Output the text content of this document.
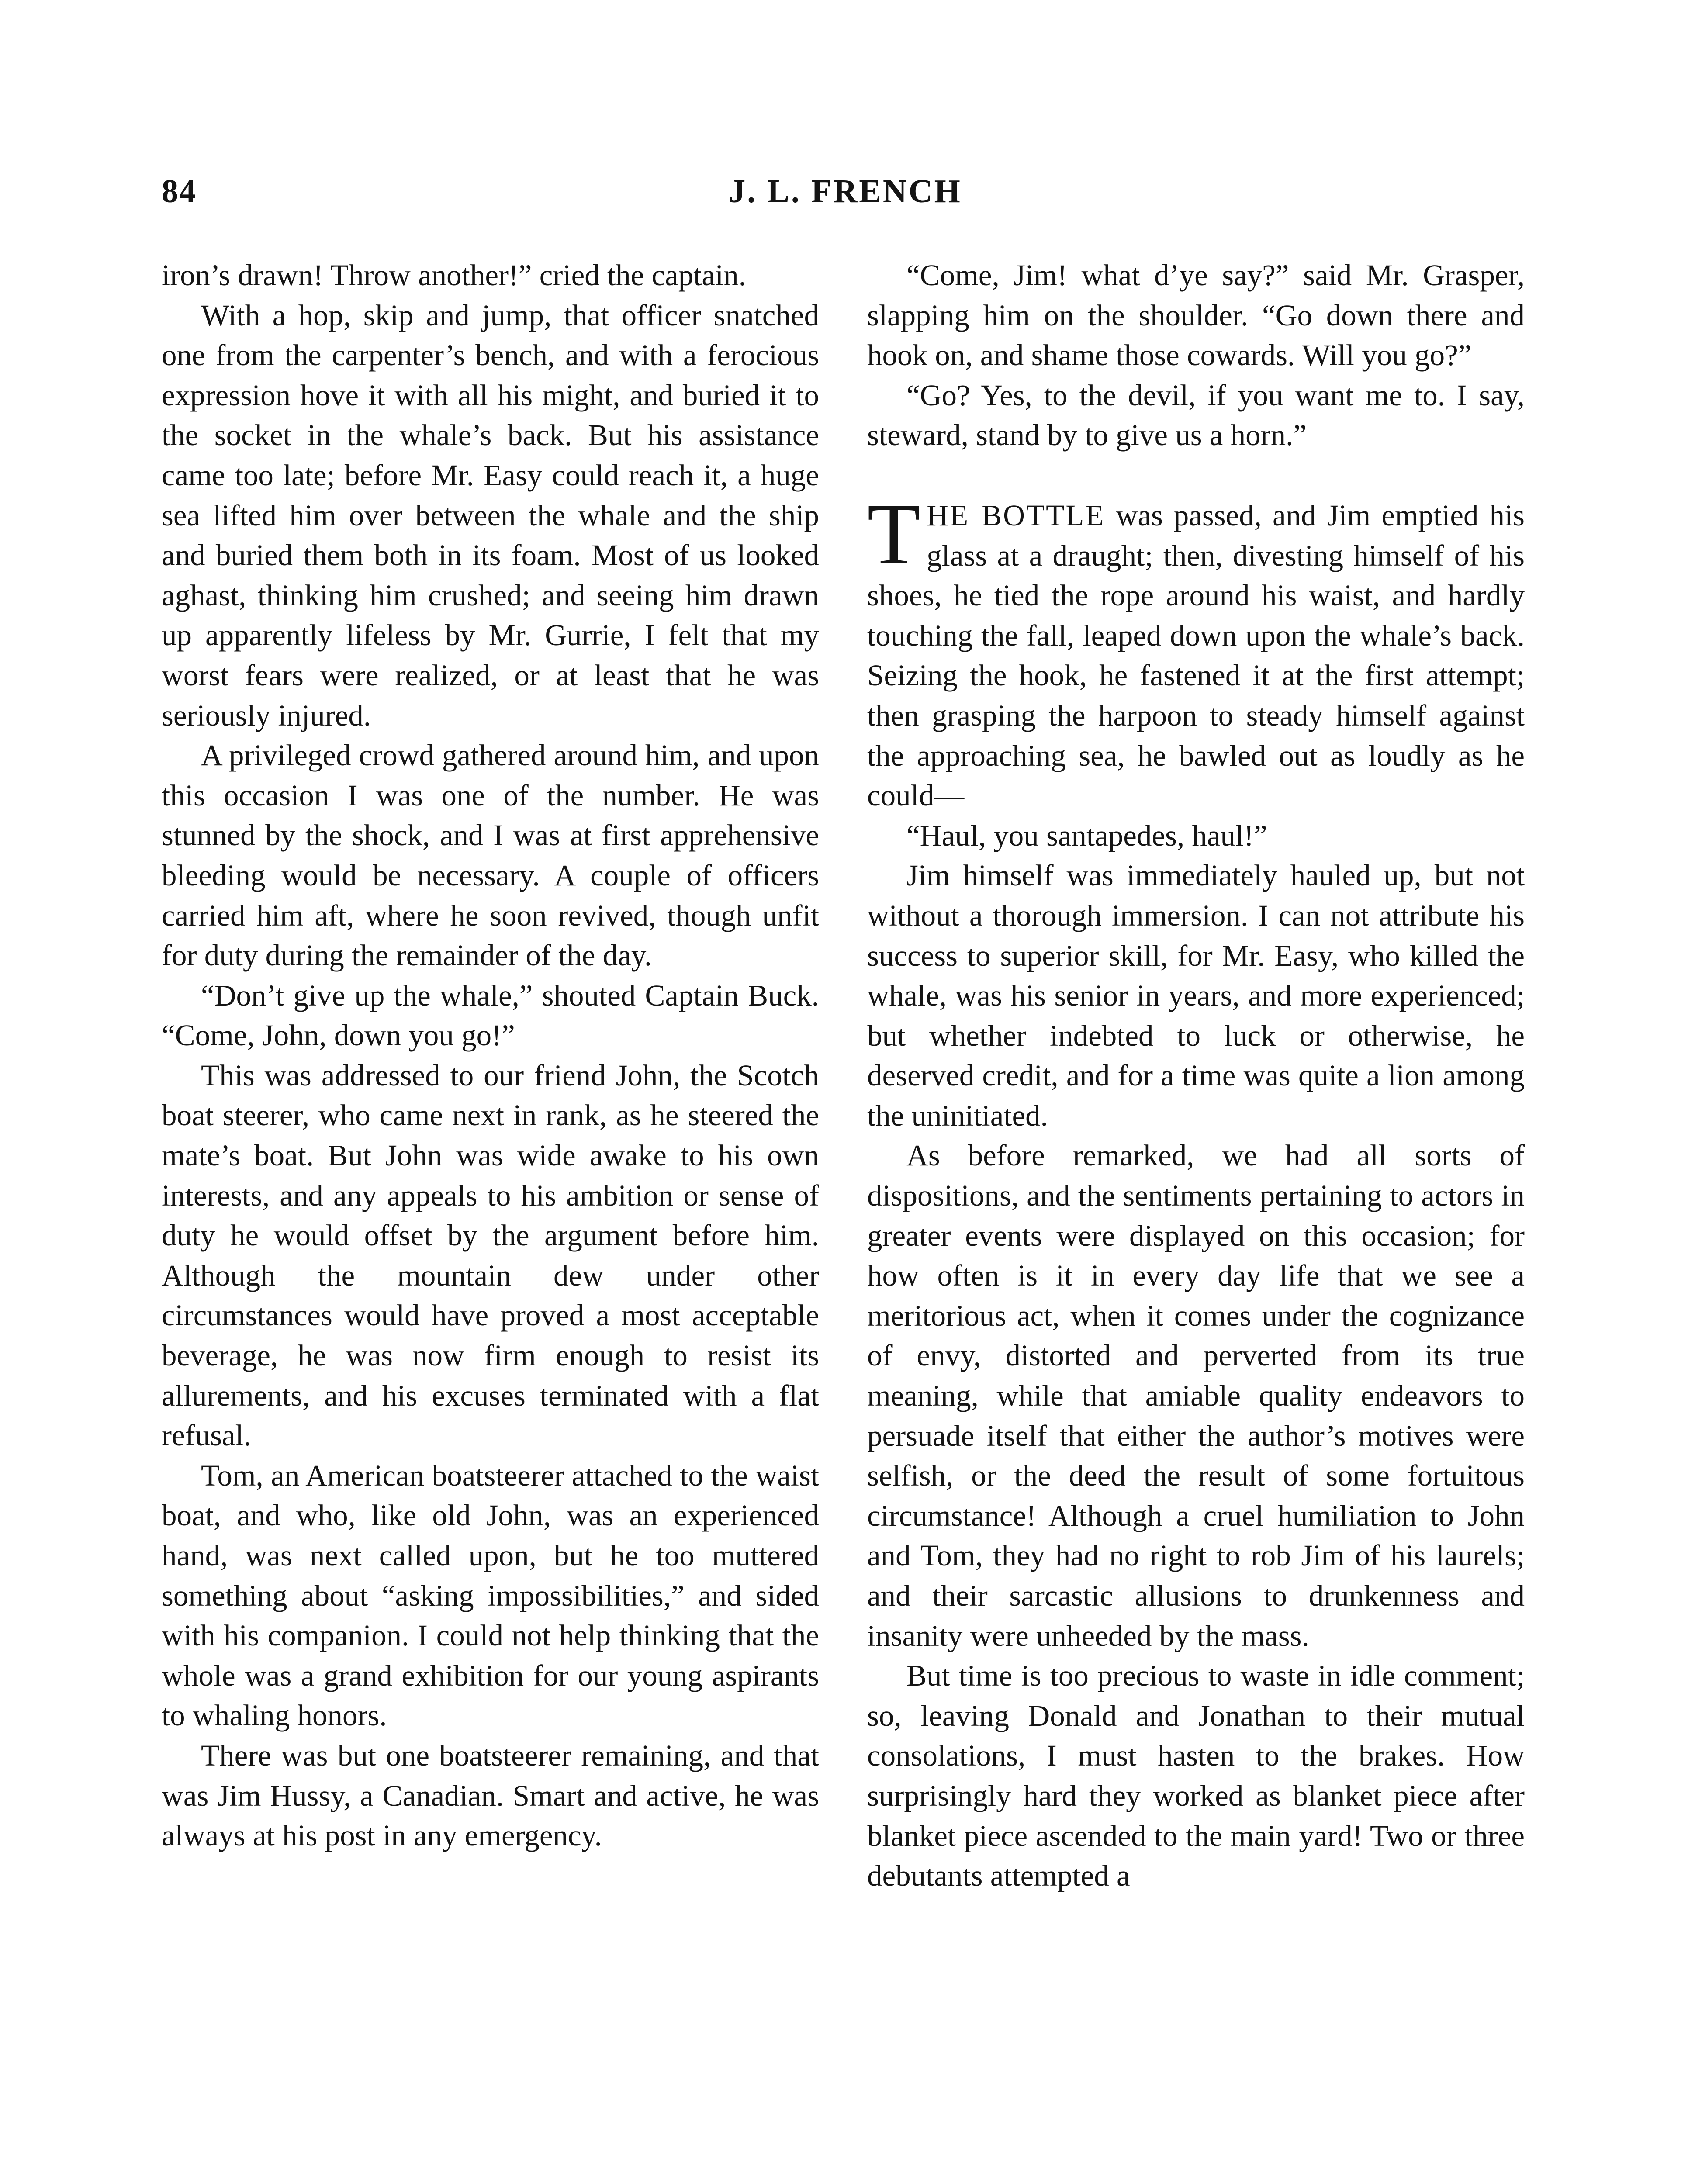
84	J. L. FRENCH

iron’s drawn! Throw another!” cried the captain.

With a hop, skip and jump, that officer snatched one from the carpenter’s bench, and with a ferocious expression hove it with all his might, and buried it to the socket in the whale’s back. But his assistance came too late; before Mr. Easy could reach it, a huge sea lifted him over between the whale and the ship and buried them both in its foam. Most of us looked aghast, thinking him crushed; and seeing him drawn up apparently lifeless by Mr. Gurrie, I felt that my worst fears were realized, or at least that he was seriously injured.

A privileged crowd gathered around him, and upon this occasion I was one of the number. He was stunned by the shock, and I was at first apprehensive bleeding would be necessary. A couple of officers carried him aft, where he soon revived, though unfit for duty during the remainder of the day.

“Don’t give up the whale,” shouted Captain Buck. “Come, John, down you go!”

This was addressed to our friend John, the Scotch boat steerer, who came next in rank, as he steered the mate’s boat. But John was wide awake to his own interests, and any appeals to his ambition or sense of duty he would offset by the argument before him. Although the mountain dew under other circumstances would have proved a most acceptable beverage, he was now firm enough to resist its allurements, and his excuses terminated with a flat refusal.

Tom, an American boatsteerer attached to the waist boat, and who, like old John, was an experienced hand, was next called upon, but he too muttered something about “asking impossibilities,” and sided with his companion. I could not help thinking that the whole was a grand exhibition for our young aspirants to whaling honors.

There was but one boatsteerer remaining, and that was Jim Hussy, a Canadian. Smart and active, he was always at his post in any emergency.

“Come, Jim! what d’ye say?” said Mr. Grasper, slapping him on the shoulder. “Go down there and hook on, and shame those cowards. Will you go?”

“Go? Yes, to the devil, if you want me to. I say, steward, stand by to give us a horn.”

THE BOTTLE was passed, and Jim emptied his glass at a draught; then, divesting himself of his shoes, he tied the rope around his waist, and hardly touching the fall, leaped down upon the whale’s back. Seizing the hook, he fastened it at the first attempt; then grasping the harpoon to steady himself against the approaching sea, he bawled out as loudly as he could—

“Haul, you santapedes, haul!”

Jim himself was immediately hauled up, but not without a thorough immersion. I can not attribute his success to superior skill, for Mr. Easy, who killed the whale, was his senior in years, and more experienced; but whether indebted to luck or otherwise, he deserved credit, and for a time was quite a lion among the uninitiated.

As before remarked, we had all sorts of dispositions, and the sentiments pertaining to actors in greater events were displayed on this occasion; for how often is it in every day life that we see a meritorious act, when it comes under the cognizance of envy, distorted and perverted from its true meaning, while that amiable quality endeavors to persuade itself that either the author’s motives were selfish, or the deed the result of some fortuitous circumstance! Although a cruel humiliation to John and Tom, they had no right to rob Jim of his laurels; and their sarcastic allusions to drunkenness and insanity were unheeded by the mass.

But time is too precious to waste in idle comment; so, leaving Donald and Jonathan to their mutual consolations, I must hasten to the brakes. How surprisingly hard they worked as blanket piece after blanket piece ascended to the main yard! Two or three debutants attempted a
